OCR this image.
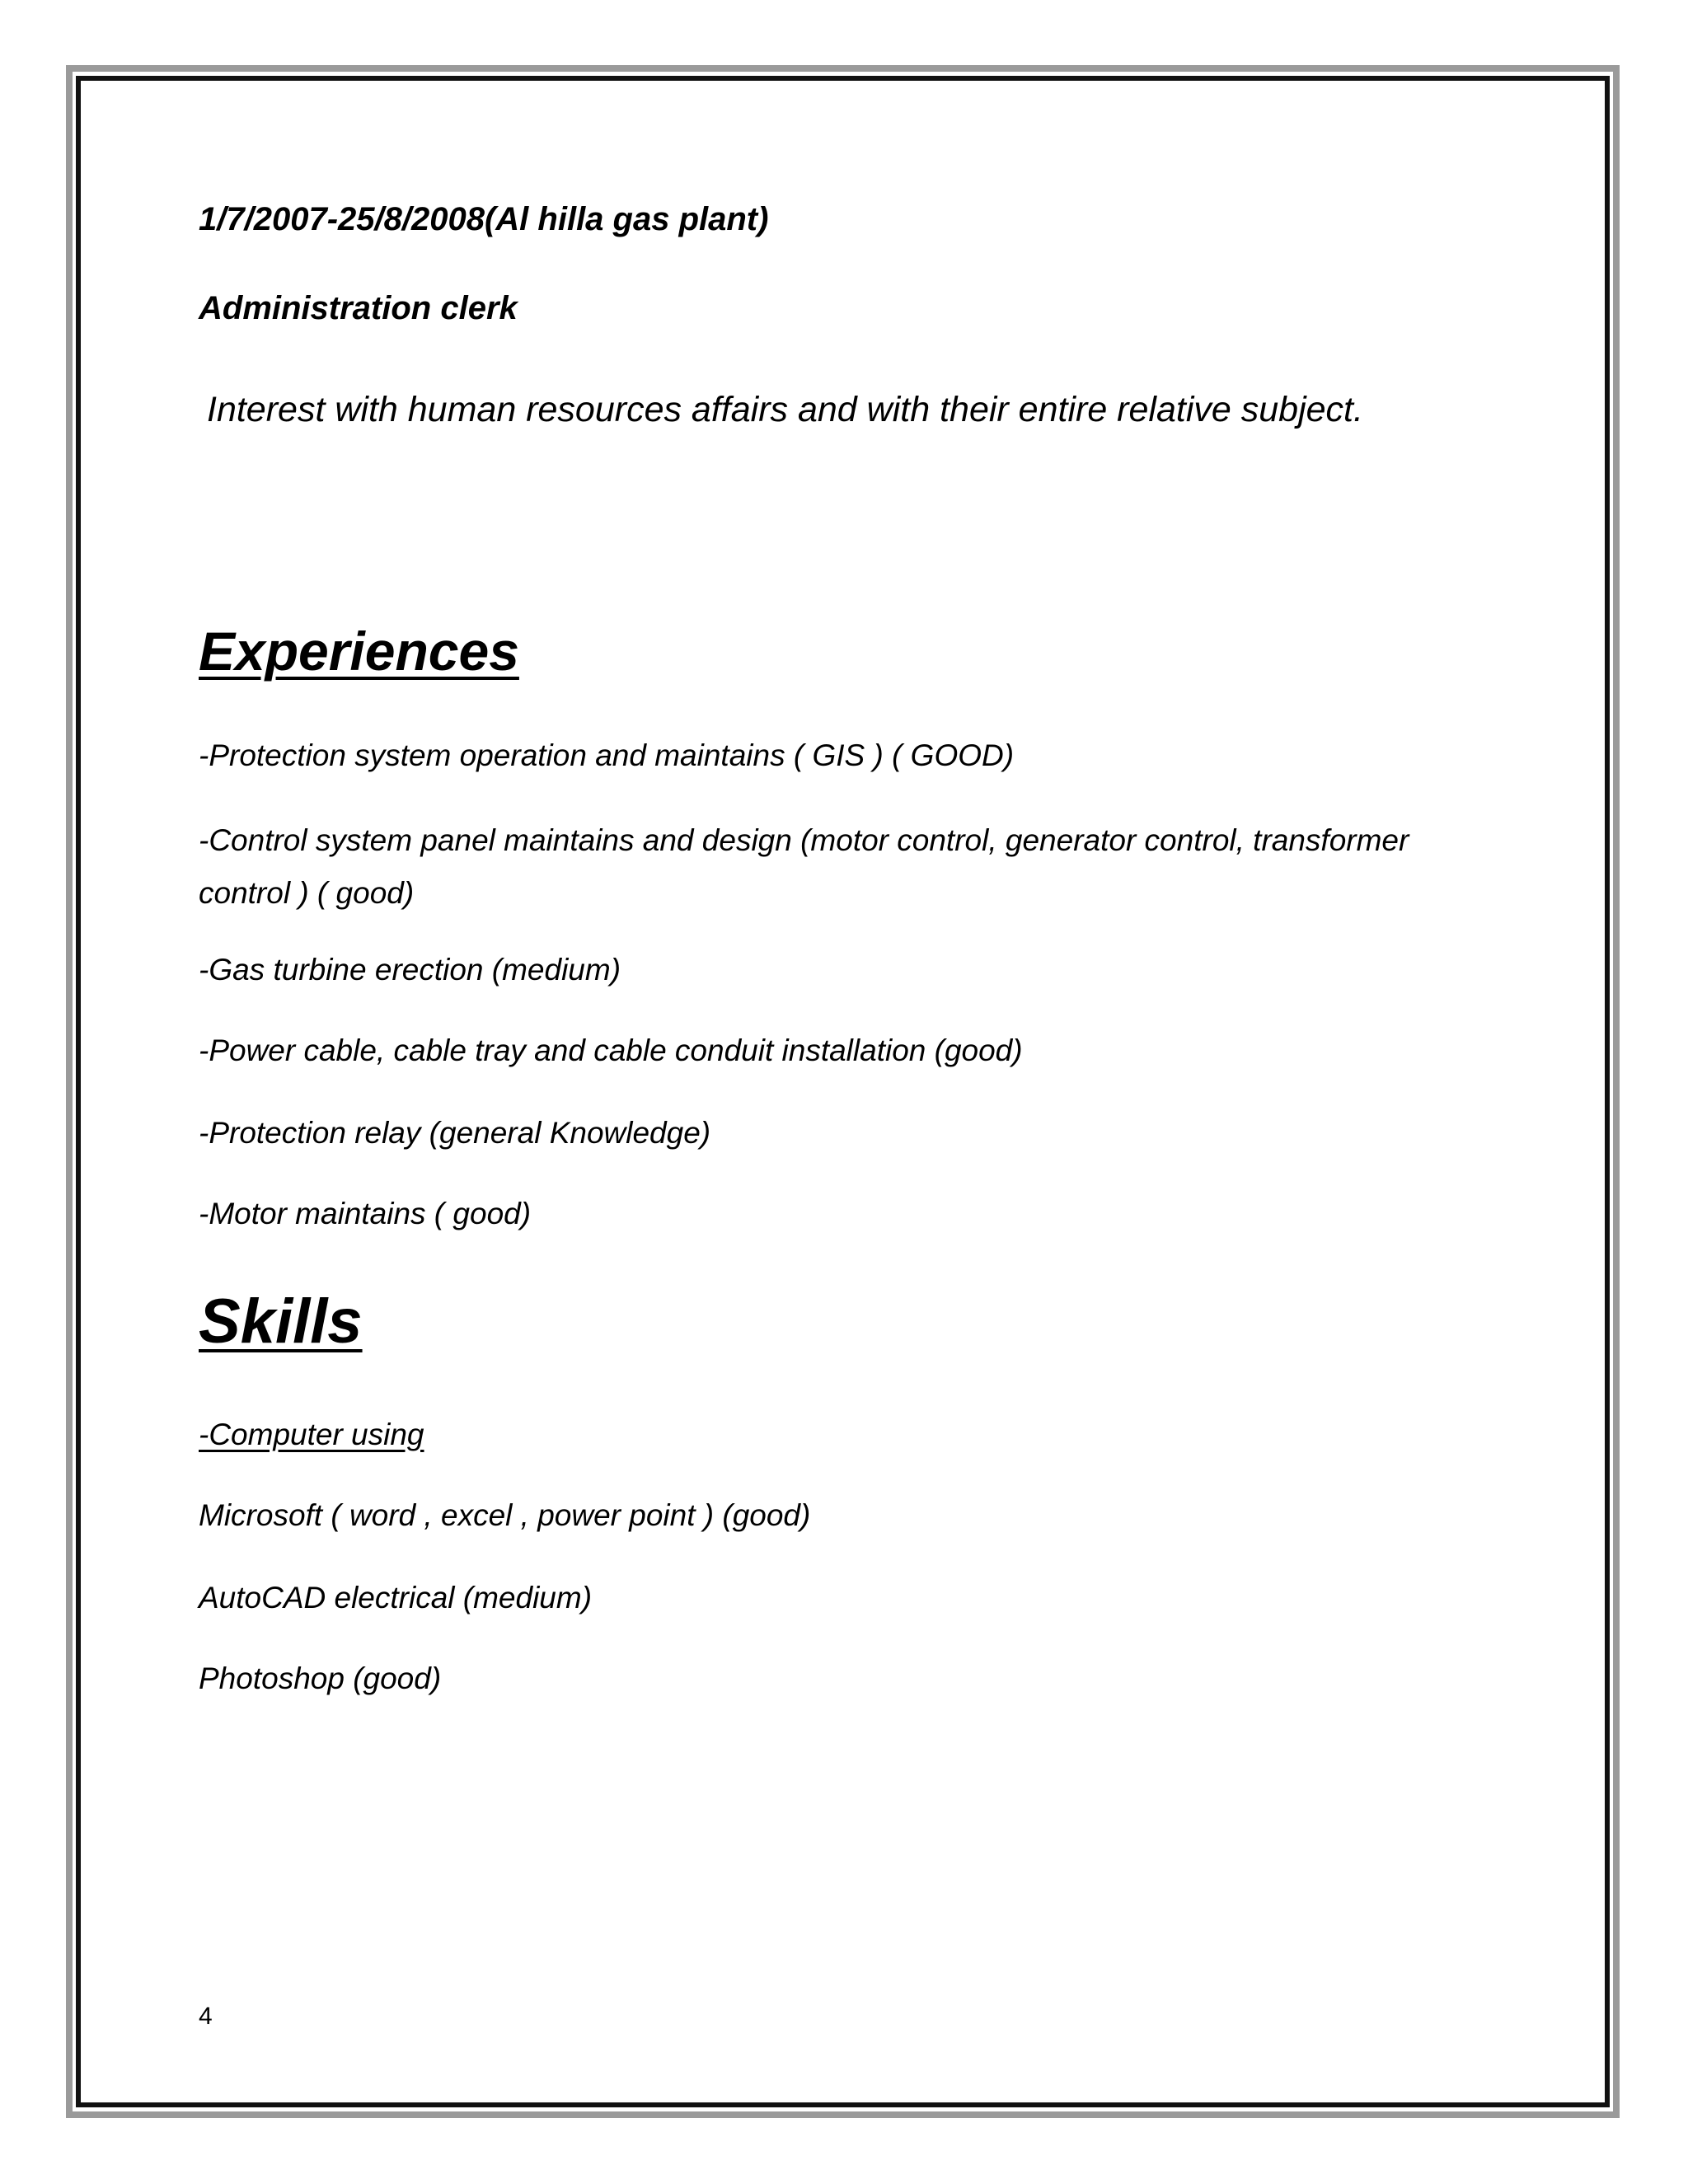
1/7/2007-25/8/2008(Al hilla gas plant)
Administration clerk
Interest with human resources affairs and with their entire relative subject.
Experiences
-Protection system operation and maintains ( GIS ) ( GOOD)
-Control system panel maintains and design (motor control, generator control, transformer control ) ( good)
-Gas turbine erection (medium)
-Power cable, cable tray and cable conduit installation (good)
-Protection relay (general Knowledge)
-Motor maintains ( good)
Skills
-Computer using
Microsoft ( word , excel , power point ) (good)
AutoCAD electrical (medium)
Photoshop (good)
4
